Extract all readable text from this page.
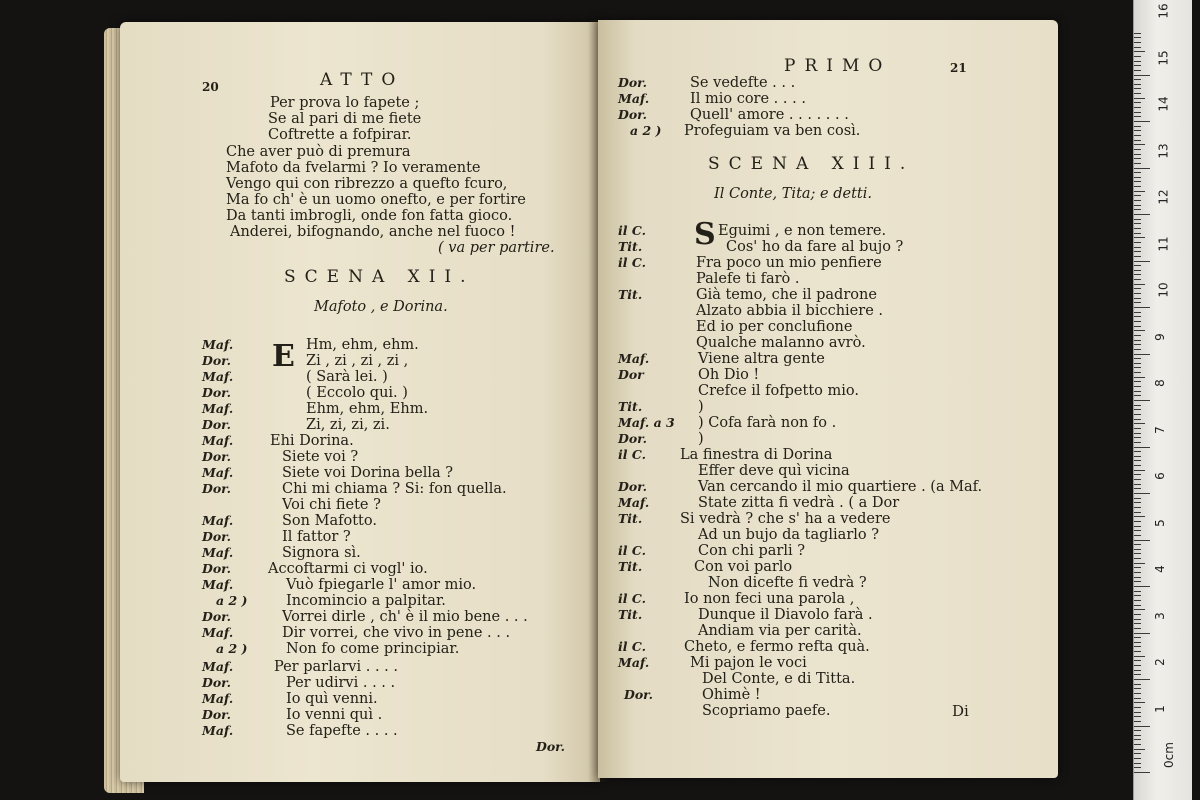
20	ATTO
Per prova lo fapete ;
Se al pari di me fiete
Coftrette a fofpirar.
Che aver può di premura
Mafoto da fvelarmi ? Io veramente
Vengo qui con ribrezzo a quefto fcuro,
Ma fo ch' è un uomo onefto, e per fortire
Da tanti imbrogli, onde fon fatta gioco.
Anderei, bifognando, anche nel fuoco !
( va per partire.
SCENA XII.
Mafoto , e Dorina.
E
Maf.	Hm, ehm, ehm.
Dor.	Zi , zi , zi , zi ,
Maf.	( Sarà lei. )
Dor.	( Eccolo qui. )
Maf.	Ehm, ehm, Ehm.
Dor.	Zi, zi, zi, zi.
Maf.	Ehi Dorina.
Dor.	Siete voi ?
Maf.	Siete voi Dorina bella ?
Dor.	Chi mi chiama ? Si: fon quella.
Voi chi fiete ?
Maf.	Son Mafotto.
Dor.	Il fattor ?
Maf.	Signora sì.
Dor.	Accoftarmi ci vogl' io.
Maf.	Vuò fpiegarle l' amor mio.
a 2 )	Incomincio a palpitar.
Dor.	Vorrei dirle , ch' è il mio bene . . .
Maf.	Dir vorrei, che vivo in pene . . .
a 2 )	Non fo come principiar.
Maf.	Per parlarvi . . . .
Dor.	Per udirvi . . . .
Maf.	Io quì venni.
Dor.	Io venni quì .
Maf.	Se fapefte . . . .
Dor.
PRIMO	21
Dor.	Se vedefte . . .
Maf.	Il mio core . . . .
Dor.	Quell' amore . . . . . . .
a 2 ) Profeguiam va ben così.
SCENA XIII.
Il Conte, Tita; e detti.
S
il C.	Eguimi , e non temere.
Tit.	Cos' ho da fare al bujo ?
il C.	Fra poco un mio penfiere
Palefe ti farò .
Tit.	Già temo, che il padrone
Alzato abbia il bicchiere .
Ed io per conclufione
Qualche malanno avrò.
Maf.	Viene altra gente
Dor	Oh Dio !
Crefce il fofpetto mio.
Tit.	)
Maf. a 3 ) Cofa farà non fo .
Dor.	)
il C. La finestra di Dorina
Effer deve quì vicina
Dor.	Van cercando il mio quartiere . (a Maf.
Maf.	State zitta fi vedrà . ( a Dor
Tit.	Si vedrà ? che s' ha a vedere
Ad un bujo da tagliarlo ?
il C.	Con chi parli ?
Tit.	Con voi parlo
Non dicefte fi vedrà ?
il C.	Io non feci una parola ,
Tit.	Dunque il Diavolo farà .
Andiam via per carità.
il C.	Cheto, e fermo refta quà.
Maf.	Mi pajon le voci
Del Conte, e di Titta.
Dor.	Ohimè !
Scopriamo paefe.	Di
0cm
1
2
3
4
5
6
7
8
9
10
11
12
13
14
15
16
